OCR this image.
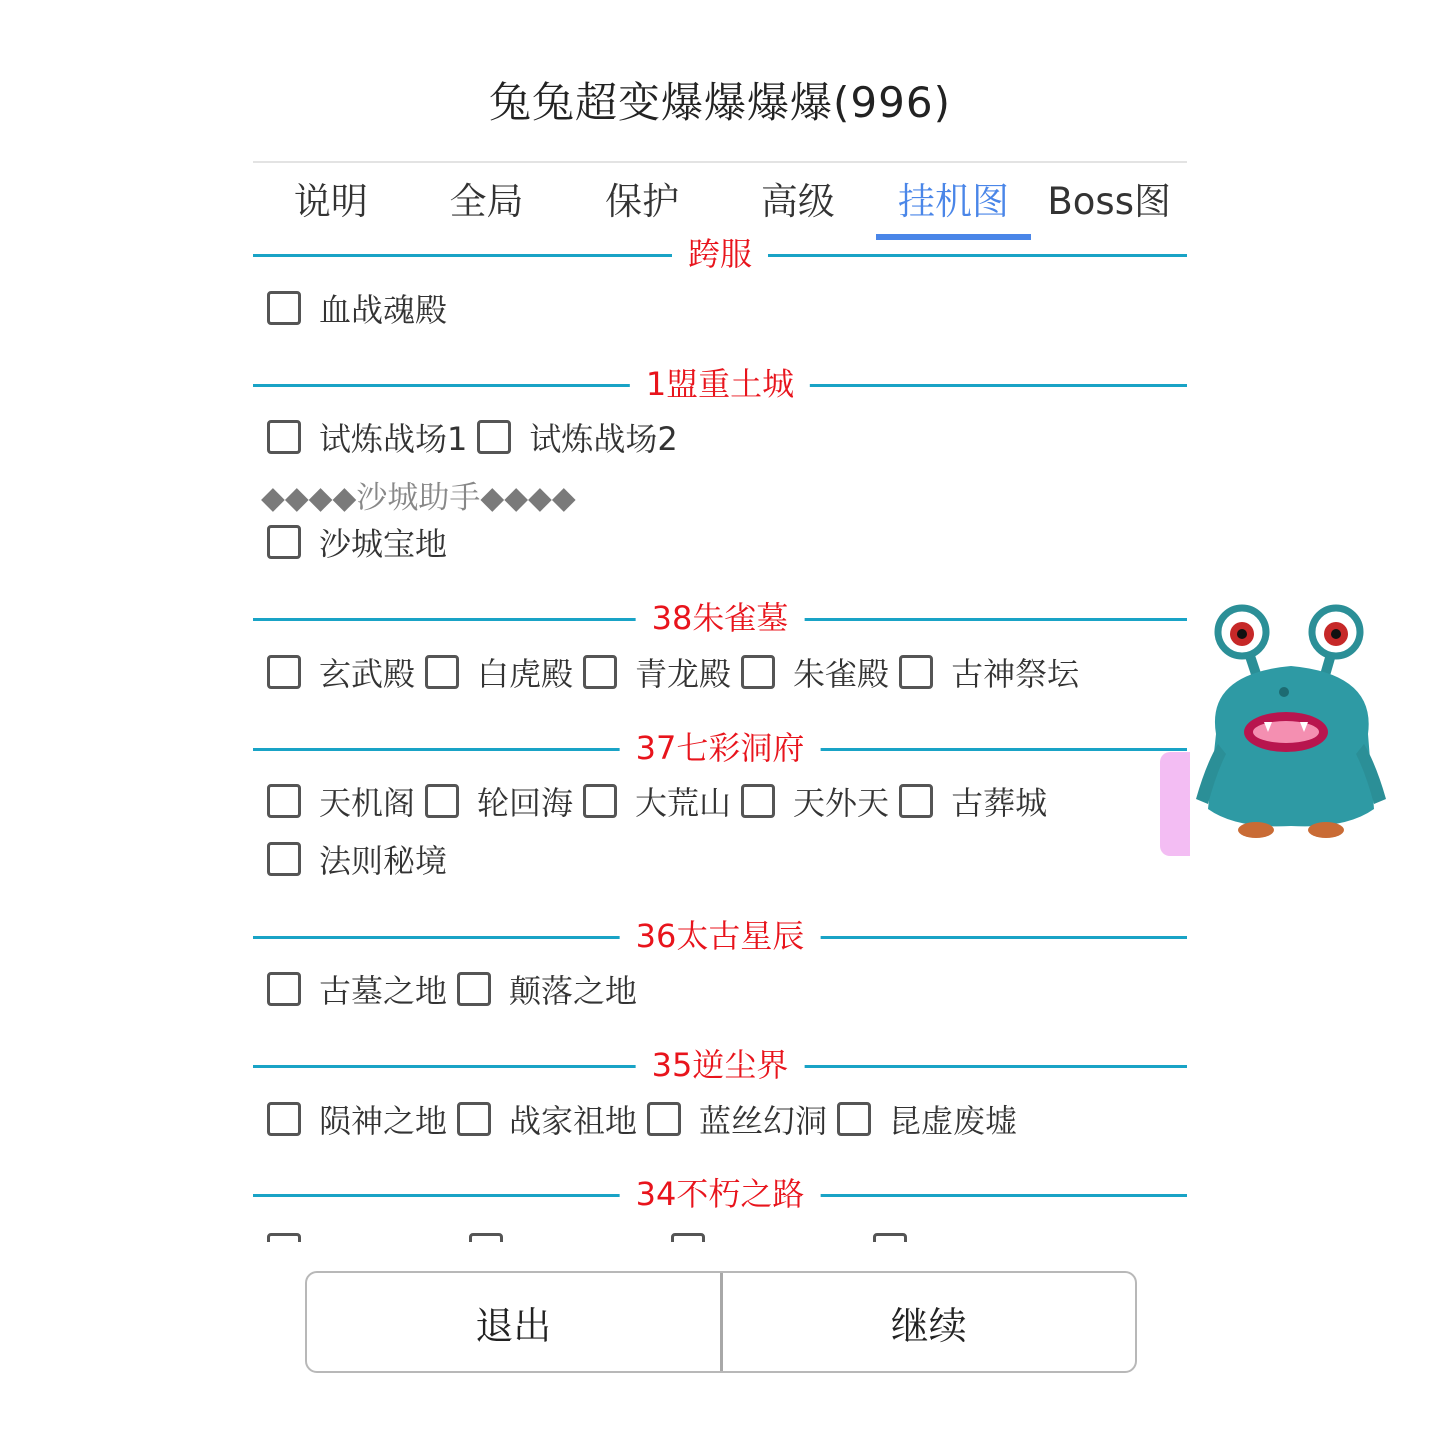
兔兔超变爆爆爆爆(996)
说明	全局	保护	高级	挂机图	Boss图
跨服
血战魂殿
1盟重土城
试炼战场1 试炼战场2
◆◆◆◆沙城助手◆◆◆◆
沙城宝地
38朱雀墓
玄武殿 白虎殿 青龙殿 朱雀殿 古神祭坛
37七彩洞府
天机阁 轮回海 大荒山 天外天 古葬城
法则秘境
36太古星辰
古墓之地 颠落之地
35逆尘界
陨神之地 战家祖地 蓝丝幻洞 昆虚废墟
34不朽之路
退出	继续
